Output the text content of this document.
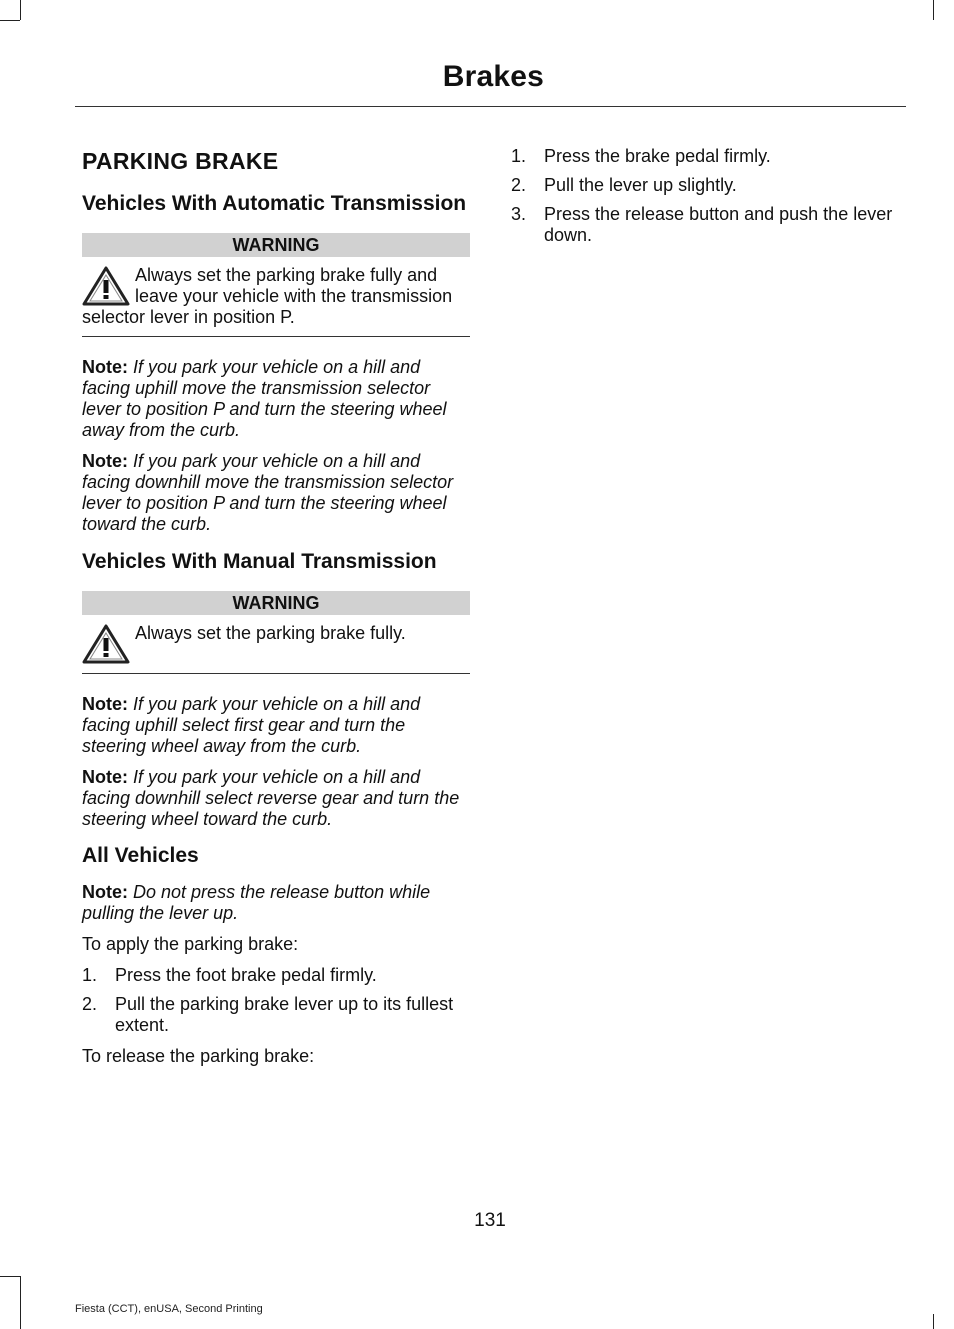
Brakes
PARKING BRAKE
Vehicles With Automatic Transmission
WARNING
Always set the parking brake fully and leave your vehicle with the transmission selector lever in position P.

Note: If you park your vehicle on a hill and facing uphill move the transmission selector lever to position P and turn the steering wheel away from the curb.

Note: If you park your vehicle on a hill and facing downhill move the transmission selector lever to position P and turn the steering wheel toward the curb.

Vehicles With Manual Transmission
WARNING
Always set the parking brake fully.

Note: If you park your vehicle on a hill and facing uphill select first gear and turn the steering wheel away from the curb.

Note: If you park your vehicle on a hill and facing downhill select reverse gear and turn the steering wheel toward the curb.

All Vehicles

Note: Do not press the release button while pulling the lever up.

To apply the parking brake:

1. Press the foot brake pedal firmly.
2. Pull the parking brake lever up to its fullest extent.

To release the parking brake:

1. Press the brake pedal firmly.
2. Pull the lever up slightly.
3. Press the release button and push the lever down.
131
Fiesta (CCT), enUSA, Second Printing
